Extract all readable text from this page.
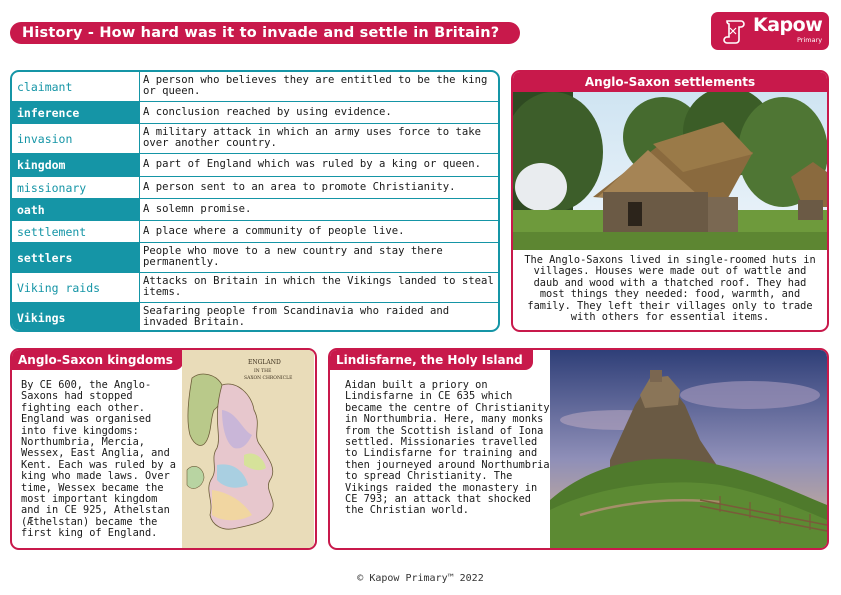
History - How hard was it to invade and settle in Britain?	Kapow
Primary
claimant	A person who believes they are entitled to be the king or queen.
inference	A conclusion reached by using evidence.
invasion	A military attack in which an army uses force to take over another country.
kingdom	A part of England which was ruled by a king or queen.
missionary	A person sent to an area to promote Christianity.
oath	A solemn promise.
settlement	A place where a community of people live.
settlers	People who move to a new country and stay there permanently.
Viking raids	Attacks on Britain in which the Vikings landed to steal items.
Vikings	Seafaring people from Scandinavia who raided and invaded Britain.
Anglo-Saxon settlements
The Anglo-Saxons lived in single-roomed huts in villages. Houses were made out of wattle and daub and wood with a thatched roof. They had most things they needed: food, warmth, and family. They left their villages only to trade with others for essential items.
Anglo-Saxon kingdoms
By CE 600, the Anglo-Saxons had stopped fighting each other. England was organised into five kingdoms: Northumbria, Mercia, Wessex, East Anglia, and Kent. Each was ruled by a king who made laws. Over time, Wessex became the most important kingdom and in CE 925, Athelstan (Æthelstan) became the first king of England.
ENGLAND
IN THE
SAXON CHRONICLE
Lindisfarne, the Holy Island
Aidan built a priory on Lindisfarne in CE 635 which became the centre of Christianity in Northumbria. Here, many monks from the Scottish island of Iona settled. Missionaries travelled to Lindisfarne for training and then journeyed around Northumbria to spread Christianity. The Vikings raided the monastery in CE 793; an attack that shocked the Christian world.
© Kapow Primary™ 2022
